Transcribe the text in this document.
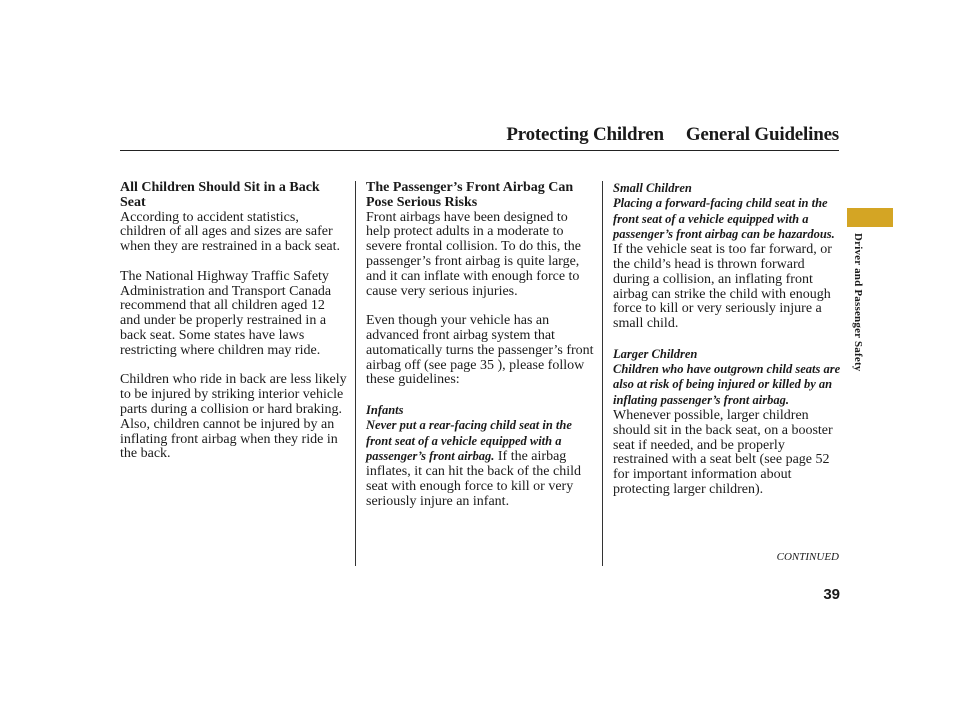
Protecting Children General Guidelines
All Children Should Sit in a Back Seat

According to accident statistics, children of all ages and sizes are safer when they are restrained in a back seat.

The National Highway Traffic Safety Administration and Transport Canada recommend that all children aged 12 and under be properly restrained in a back seat. Some states have laws restricting where children may ride.

Children who ride in back are less likely to be injured by striking interior vehicle parts during a collision or hard braking. Also, children cannot be injured by an inflating front airbag when they ride in the back.

The Passenger’s Front Airbag Can Pose Serious Risks

Front airbags have been designed to help protect adults in a moderate to severe frontal collision. To do this, the passenger’s front airbag is quite large, and it can inflate with enough force to cause very serious injuries.

Even though your vehicle has an advanced front airbag system that automatically turns the passenger’s front airbag off (see page 35 ), please follow these guidelines:

Infants

Never put a rear-facing child seat in the front seat of a vehicle equipped with a passenger’s front airbag. If the airbag inflates, it can hit the back of the child seat with enough force to kill or very seriously injure an infant.

Small Children

Placing a forward-facing child seat in the front seat of a vehicle equipped with a passenger’s front airbag can be hazardous. If the vehicle seat is too far forward, or the child’s head is thrown forward during a collision, an inflating front airbag can strike the child with enough force to kill or very seriously injure a small child.

Larger Children

Children who have outgrown child seats are also at risk of being injured or killed by an inflating passenger’s front airbag. Whenever possible, larger children should sit in the back seat, on a booster seat if needed, and be properly restrained with a seat belt (see page 52 for important information about protecting larger children).

Driver and Passenger Safety
CONTINUED
39
